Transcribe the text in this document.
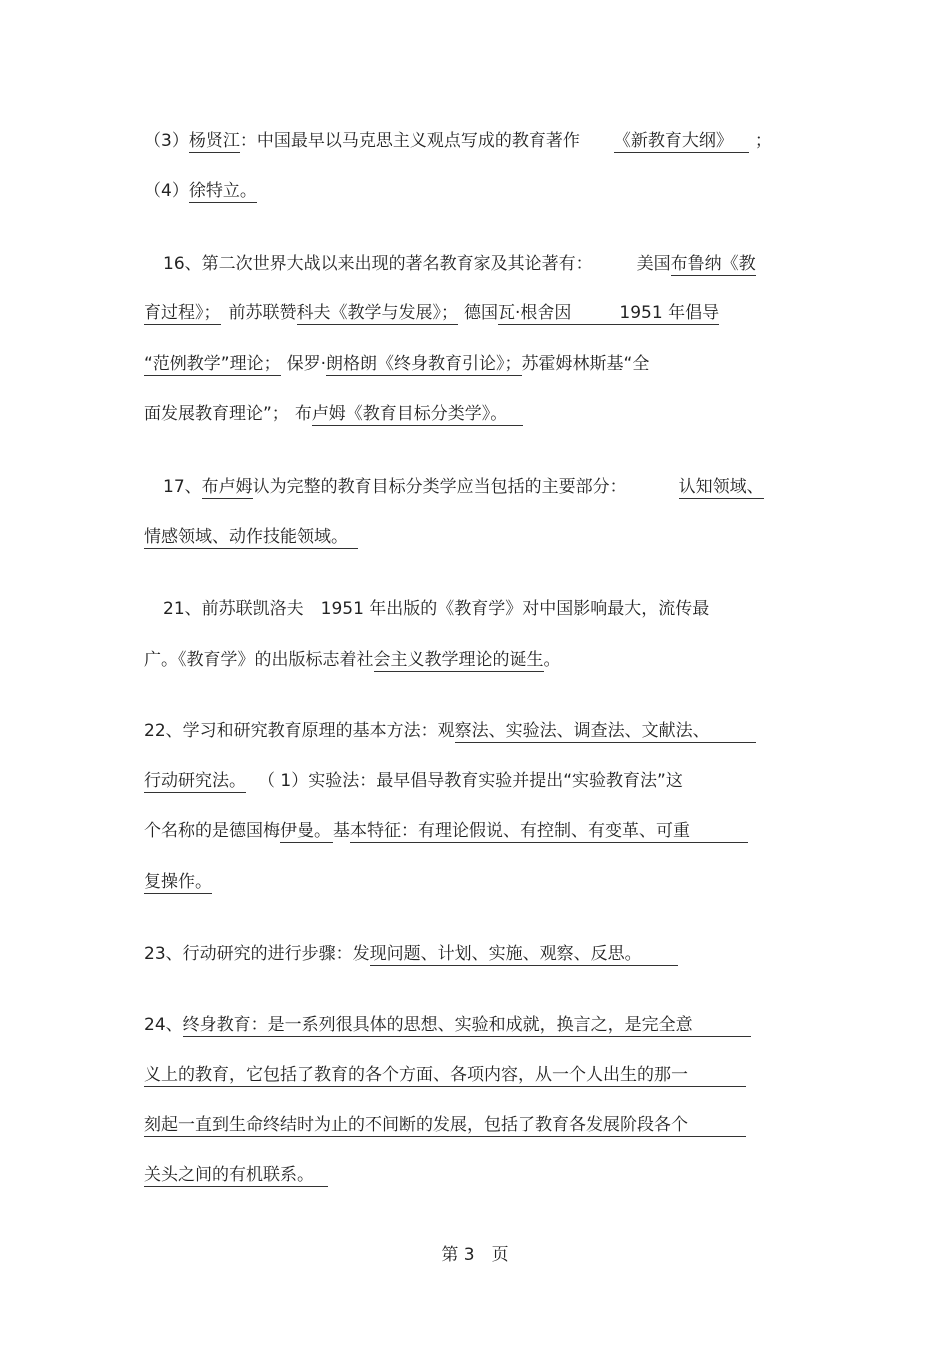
（3）杨贤江：中国最早以马克思主义观点写成的教育著作 《新教育大纲》 ；
（4）徐特立。
16、第二次世界大战以来出现的著名教育家及其论著有：	美国布鲁纳《教
育过程》； 前苏联赞科夫《教学与发展》； 德国瓦·根舍因	1951 年倡导
“范例教学”理论； 保罗·朗格朗《终身教育引论》；苏霍姆林斯基“全
面发展教育理论”； 布卢姆《教育目标分类学》。
17、布卢姆认为完整的教育目标分类学应当包括的主要部分：	认知领域、
情感领域、动作技能领域。
21、前苏联凯洛夫　1951 年出版的《教育学》对中国影响最大，流传最
广。《教育学》的出版标志着社会主义教学理论的诞生。
22、学习和研究教育原理的基本方法：观察法、实验法、调查法、文献法、
行动研究法。 （ 1）实验法：最早倡导教育实验并提出“实验教育法”这
个名称的是德国梅伊曼。 基本特征：有理论假说、有控制、有变革、可重
复操作。
23、行动研究的进行步骤：发现问题、计划、实施、观察、反思。
24、终身教育：是一系列很具体的思想、实验和成就，换言之，是完全意
义上的教育，它包括了教育的各个方面、各项内容，从一个人出生的那一
刻起一直到生命终结时为止的不间断的发展，包括了教育各发展阶段各个
关头之间的有机联系。
第 3　页
